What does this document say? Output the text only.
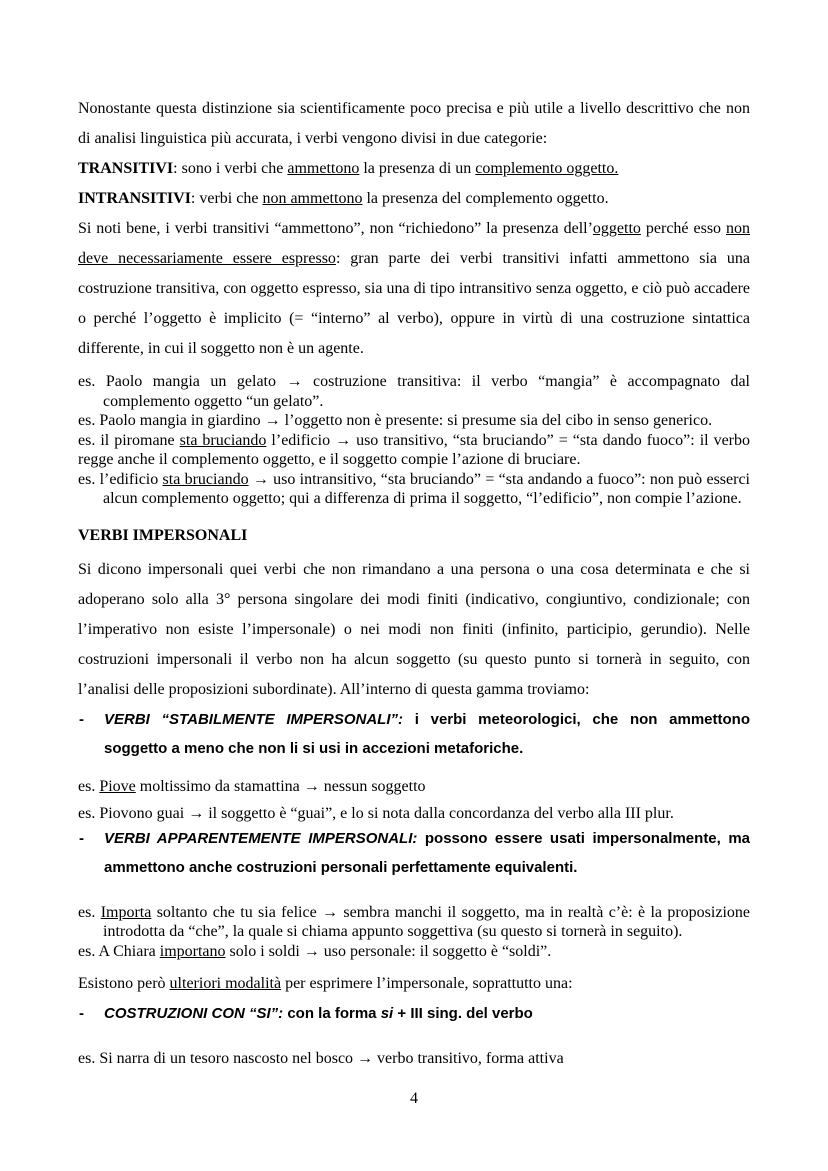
Nonostante questa distinzione sia scientificamente poco precisa e più utile a livello descrittivo che non di analisi linguistica più accurata, i verbi vengono divisi in due categorie:
TRANSITIVI: sono i verbi che ammettono la presenza di un complemento oggetto.
INTRANSITIVI: verbi che non ammettono la presenza del complemento oggetto.
Si noti bene, i verbi transitivi “ammettono”, non “richiedono” la presenza dell’oggetto perché esso non deve necessariamente essere espresso: gran parte dei verbi transitivi infatti ammettono sia una costruzione transitiva, con oggetto espresso, sia una di tipo intransitivo senza oggetto, e ciò può accadere o perché l’oggetto è implicito (= “interno” al verbo), oppure in virtù di una costruzione sintattica differente, in cui il soggetto non è un agente.
es. Paolo mangia un gelato → costruzione transitiva: il verbo “mangia” è accompagnato dal complemento oggetto “un gelato”.
es. Paolo mangia in giardino → l’oggetto non è presente: si presume sia del cibo in senso generico.
es. il piromane sta bruciando l’edificio → uso transitivo, “sta bruciando” = “sta dando fuoco”: il verbo regge anche il complemento oggetto, e il soggetto compie l’azione di bruciare.
es. l’edificio sta bruciando → uso intransitivo, “sta bruciando” = “sta andando a fuoco”: non può esserci alcun complemento oggetto; qui a differenza di prima il soggetto, “l’edificio”, non compie l’azione.
VERBI IMPERSONALI
Si dicono impersonali quei verbi che non rimandano a una persona o una cosa determinata e che si adoperano solo alla 3° persona singolare dei modi finiti (indicativo, congiuntivo, condizionale; con l’imperativo non esiste l’impersonale) o nei modi non finiti (infinito, participio, gerundio). Nelle costruzioni impersonali il verbo non ha alcun soggetto (su questo punto si tornerà in seguito, con l’analisi delle proposizioni subordinate). All’interno di questa gamma troviamo:
- VERBI “STABILMENTE IMPERSONALI”: i verbi meteorologici, che non ammettono soggetto a meno che non li si usi in accezioni metaforiche.
es. Piove moltissimo da stamattina → nessun soggetto
es. Piovono guai → il soggetto è “guai”, e lo si nota dalla concordanza del verbo alla III plur.
- VERBI APPARENTEMENTE IMPERSONALI: possono essere usati impersonalmente, ma ammettono anche costruzioni personali perfettamente equivalenti.
es. Importa soltanto che tu sia felice → sembra manchi il soggetto, ma in realtà c’è: è la proposizione introdotta da “che”, la quale si chiama appunto soggettiva (su questo si tornerà in seguito).
es. A Chiara importano solo i soldi → uso personale: il soggetto è “soldi”.
Esistono però ulteriori modalità per esprimere l’impersonale, soprattutto una:
- COSTRUZIONI CON “SI”: con la forma si + III sing. del verbo
es. Si narra di un tesoro nascosto nel bosco → verbo transitivo, forma attiva
4
